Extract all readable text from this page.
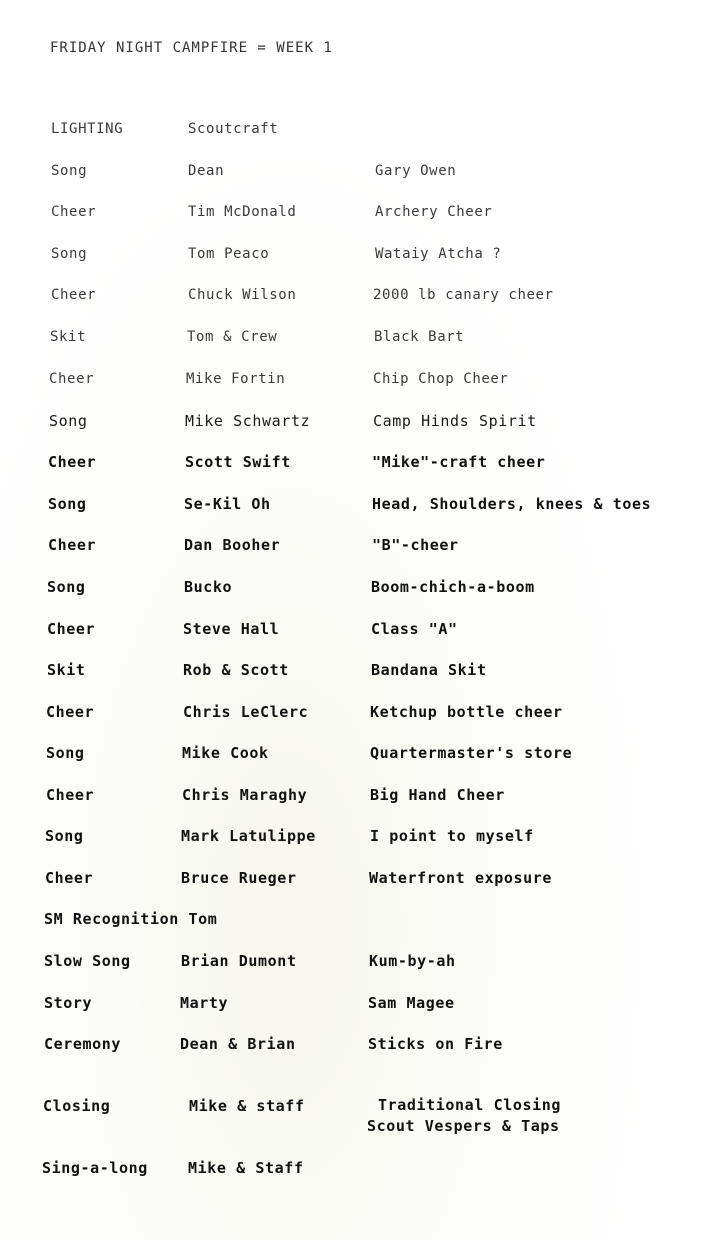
FRIDAY NIGHT CAMPFIRE = WEEK 1
LIGHTING	Scoutcraft
Song	Dean	Gary Owen
Cheer	Tim McDonald	Archery Cheer
Song	Tom Peaco	Wataiy Atcha ?
Cheer	Chuck Wilson	2000 lb canary cheer
Skit	Tom & Crew	Black Bart
Cheer	Mike Fortin	Chip Chop Cheer
Song	Mike Schwartz	Camp Hinds Spirit
Cheer	Scott Swift	"Mike"-craft cheer
Song	Se-Kil Oh	Head, Shoulders, knees & toes
Cheer	Dan Booher	"B"-cheer
Song	Bucko	Boom-chich-a-boom
Cheer	Steve Hall	Class "A"
Skit	Rob & Scott	Bandana Skit
Cheer	Chris LeClerc	Ketchup bottle cheer
Song	Mike Cook	Quartermaster's store
Cheer	Chris Maraghy	Big Hand Cheer
Song	Mark Latulippe	I point to myself
Cheer	Bruce Rueger	Waterfront exposure
SM Recognition Tom
Slow Song	Brian Dumont	Kum-by-ah
Story	Marty	Sam Magee
Ceremony	Dean & Brian	Sticks on Fire
Closing	Mike & staff	Traditional Closing
Scout Vespers & Taps
Sing-a-long	Mike & Staff
